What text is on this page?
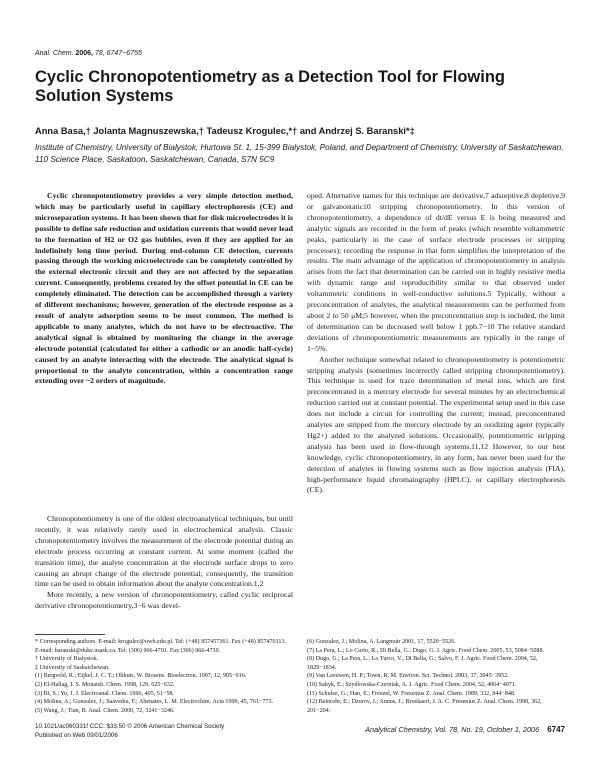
Anal. Chem. 2006, 78, 6747−6755
Cyclic Chronopotentiometry as a Detection Tool for Flowing Solution Systems
Anna Basa,† Jolanta Magnuszewska,† Tadeusz Krogulec,*† and Andrzej S. Baranski*‡
Institute of Chemistry, University of Bialystok, Hurtowa St. 1, 15-399 Bialystok, Poland, and Department of Chemistry, University of Saskatchewan, 110 Science Place, Saskatoon, Saskatchewan, Canada, S7N 5C9

Cyclic chronopotentiometry provides a very simple detection method, which may be particularly useful in capillary electrophoresis (CE) and microseparation systems. It has been shown that for disk microelectrodes it is possible to define safe reduction and oxidation currents that would never lead to the formation of H2 or O2 gas bubbles, even if they are applied for an indefinitely long time period. During end-column CE detection, currents passing through the working microelectrode can be completely controlled by the external electronic circuit and they are not affected by the separation current. Consequently, problems created by the offset potential in CE can be completely eliminated. The detection can be accomplished through a variety of different mechanisms; however, generation of the electrode response as a result of analyte adsorption seems to be most common. The method is applicable to many analytes, which do not have to be electroactive. The analytical signal is obtained by monitoring the change in the average electrode potential (calculated for either a cathodic or an anodic half-cycle) caused by an analyte interacting with the electrode. The analytical signal is proportional to the analyte concentration, within a concentration range extending over ~2 orders of magnitude.

Chronopotentiometry is one of the oldest electroanalytical techniques, but until recently, it was relatively rarely used in electrochemical analysis. Classic chronopotentiometry involves the measurement of the electrode potential during an electrode process occurring at constant current. At some moment (called the transition time), the analyte concentration at the electrode surface drops to zero causing an abrupt change of the electrode potential; consequently, the transition time can be used to obtain information about the analyte concentration.1,2

More recently, a new version of chronopotentiometry, called cyclic reciprocal derivative chronopotentiometry,3−6 was devel-

oped. Alternative names for this technique are derivative,7 adsorptive,8 depletive,9 or galvanostatic10 stripping chronopotentiometry. In this version of chronopotentiometry, a dependence of dt/dE versus E is being measured and analytic signals are recorded in the form of peaks (which resemble voltammetric peaks, particularly in the case of surface electrode processes or stripping processes); recording the response in that form simplifies the interpretation of the results. The main advantage of the application of chronopotentiometry in analysis arises from the fact that determination can be carried out in highly resistive media with dynamic range and reproducibility similar to that observed under voltammetric conditions in well-conductive solutions.5 Typically, without a preconcentration of analytes, the analytical measurements can be performed from about 2 to 50 μM;5 however, when the preconcentration step is included, the limit of determination can be decreased well below 1 ppb.7−10 The relative standard deviations of chronopotentiometric measurements are typically in the range of 1−5%.

Another technique somewhat related to chronopotentiometry is potentiometric stripping analysis (sometimes incorrectly called stripping chronopotentiometry). This technique is used for trace determination of metal ions, which are first preconcentrated in a mercury electrode for several minutes by an electrochemical reduction carried out at constant potential. The experimental setup used in this case does not include a circuit for controlling the current; instead, preconcentrated analytes are stripped from the mercury electrode by an oxidizing agent (typically Hg2+) added to the analyzed solutions. Occasionally, potentiometric stripping analysis has been used in flow-through systems.11,12 However, to our best knowledge, cyclic chronopotentiometry, in any form, has never been used for the detection of analytes in flowing systems such as flow injection analysis (FIA), high-performance liquid chromatography (HPLC), or capillary electrophoresis (CE).

* Corresponding authors. E-mail: krogulec@uwb.edu.pl. Tel: (+48) 857457361. Fax (+48) 857470113. E-mail: baranski@duke.usask.ca. Tel: (306) 966-4701. Fax (306) 966-4730.

† University of Bialystok.

‡ University of Saskatchewan.

(1) Bergveld, R.; Eijkel, J. C. T.; Olthuis, W. Biosens. Bioelectron. 1997, 12, 905−916.

(2) El-Hallag, I. S. Monatsh. Chem. 1998, 129, 625−632.

(3) Bi, S.; Yu, J. J. Electroanal. Chem. 1996, 405, 51−58.

(4) Molina, A.; Gonzalez, J.; Saavedra, F.; Abenates, L. M. Electrochim. Acta 1999, 45, 761−773.

(5) Wang, J.; Tian, B. Anal. Chem. 2000, 72, 3241−3246.

(6) Gonzalez, J.; Molina, A. Langmuir 2001, 17, 5520−5526.

(7) La Pera, L.; Lo Curto, R.; Di Bella, G.; Dugo, G. J. Agric. Food Chem. 2005, 53, 5084−5088.

(8) Dugo, G.; La Pera, L.; Lo Turco, V.; Di Bella, G.; Salvo, F. J. Agric. Food Chem. 2004, 52, 1829−1834.

(9) Van Leeuwen, H. P.; Town, R. M. Environ. Sci. Technol. 2003, 37, 3945−3952.

(10) Sahyk, E.; Szydlowska-Czerniak, A. J. Agric. Food Chem. 2004, 52, 4064−4071.

(11) Schulze, G.; Han, E.; Frenzel, W. Fresenius Z. Anal. Chem. 1989, 332, 844−848.

(12) Beinrohr, E.; Dzurov, J.; Annus, J.; Broekaert, J. A. C. Fresenius Z. Anal. Chem. 1998, 362, 201−204.

10.1021/ac060331f CCC: $33.50 © 2006 American Chemical Society
Published on Web 09/01/2006
Analytical Chemistry, Vol. 78, No. 19, October 1, 2006 6747
